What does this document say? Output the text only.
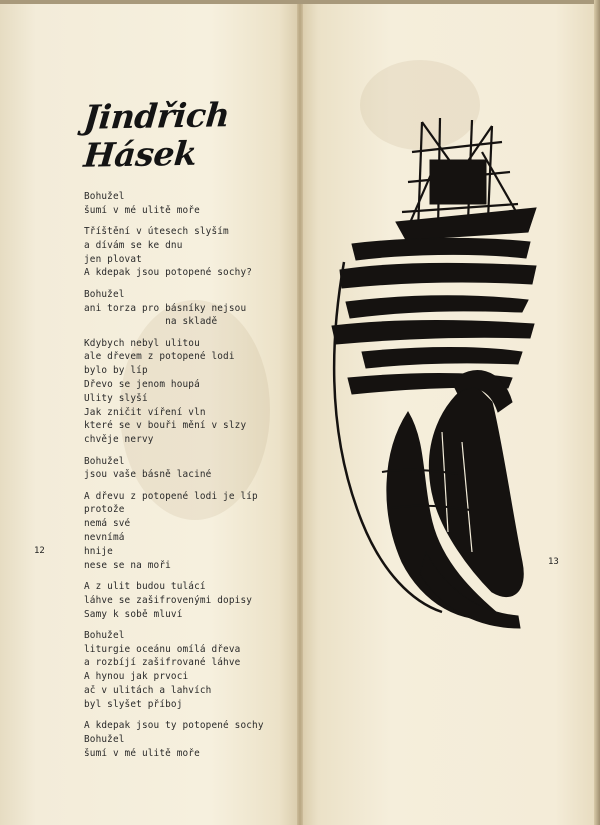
Jindřich
Hásek
Bohužel
šumí v mé ulitě moře
Tříštění v útesech slyším
a dívám se ke dnu
jen plovat
A kdepak jsou potopené sochy?
Bohužel
ani torza pro básníky nejsou
na skladě
Kdybych nebyl ulitou
ale dřevem z potopené lodi
bylo by líp
Dřevo se jenom houpá
Ulity slyší
Jak zničit víření vln
které se v bouři mění v slzy
chvěje nervy
Bohužel
jsou vaše básně laciné
A dřevu z potopené lodi je líp
protože
nemá své
nevnímá
hnije
nese se na moři
A z ulit budou tulácí
láhve se zašifrovenými dopisy
Samy k sobě mluví
Bohužel
liturgie oceánu omílá dřeva
a rozbíjí zašifrované láhve
A hynou jak prvoci
ač v ulitách a lahvích
byl slyšet příboj
A kdepak jsou ty potopené sochy
Bohužel
šumí v mé ulitě moře
12
13
